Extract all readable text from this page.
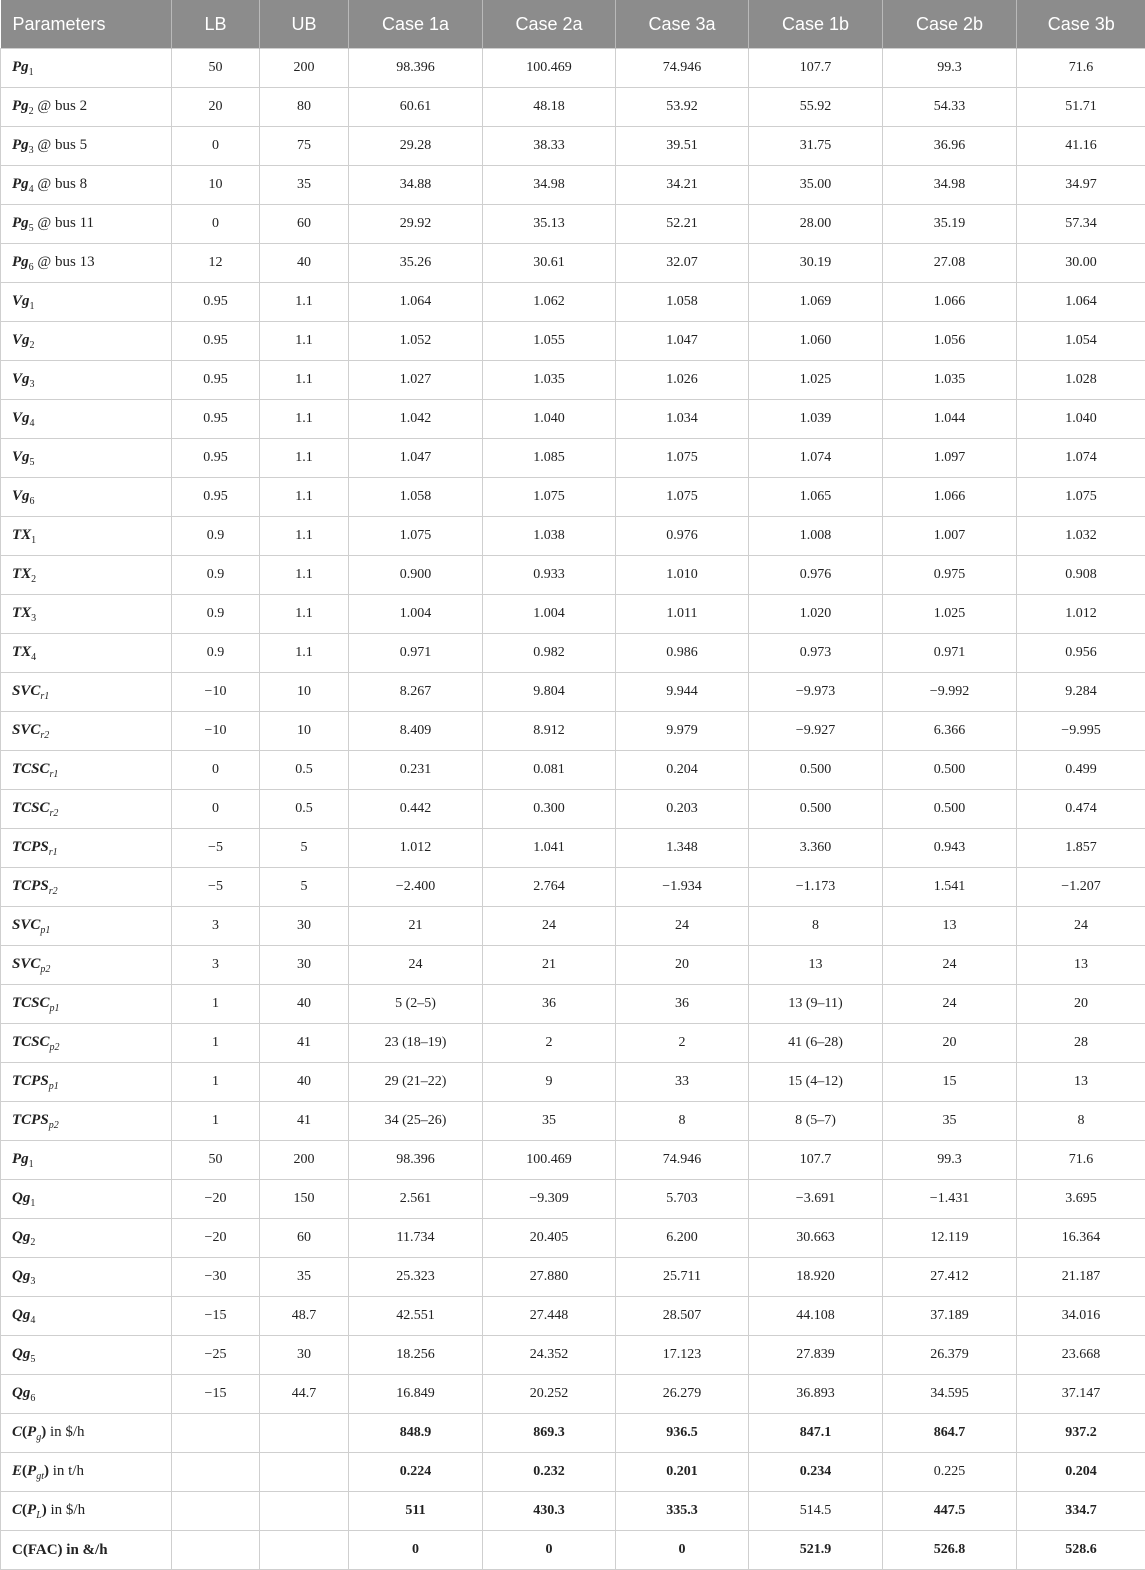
Parameters	LB	UB	Case 1a	Case 2a	Case 3a	Case 1b	Case 2b	Case 3b
$Pg_1$	50	200	98.396	100.469	74.946	107.7	99.3	71.6
$Pg_2$ @ bus 2	20	80	60.61	48.18	53.92	55.92	54.33	51.71
$Pg_3$ @ bus 5	0	75	29.28	38.33	39.51	31.75	36.96	41.16
$Pg_4$ @ bus 8	10	35	34.88	34.98	34.21	35.00	34.98	34.97
$Pg_5$ @ bus 11	0	60	29.92	35.13	52.21	28.00	35.19	57.34
$Pg_6$ @ bus 13	12	40	35.26	30.61	32.07	30.19	27.08	30.00
$Vg_1$	0.95	1.1	1.064	1.062	1.058	1.069	1.066	1.064
$Vg_2$	0.95	1.1	1.052	1.055	1.047	1.060	1.056	1.054
$Vg_3$	0.95	1.1	1.027	1.035	1.026	1.025	1.035	1.028
$Vg_4$	0.95	1.1	1.042	1.040	1.034	1.039	1.044	1.040
$Vg_5$	0.95	1.1	1.047	1.085	1.075	1.074	1.097	1.074
$Vg_6$	0.95	1.1	1.058	1.075	1.075	1.065	1.066	1.075
$TX_1$	0.9	1.1	1.075	1.038	0.976	1.008	1.007	1.032
$TX_2$	0.9	1.1	0.900	0.933	1.010	0.976	0.975	0.908
$TX_3$	0.9	1.1	1.004	1.004	1.011	1.020	1.025	1.012
$TX_4$	0.9	1.1	0.971	0.982	0.986	0.973	0.971	0.956
$SVC_{r1}$	−10	10	8.267	9.804	9.944	−9.973	−9.992	9.284
$SVC_{r2}$	−10	10	8.409	8.912	9.979	−9.927	6.366	−9.995
$TCSC_{r1}$	0	0.5	0.231	0.081	0.204	0.500	0.500	0.499
$TCSC_{r2}$	0	0.5	0.442	0.300	0.203	0.500	0.500	0.474
$TCPS_{r1}$	−5	5	1.012	1.041	1.348	3.360	0.943	1.857
$TCPS_{r2}$	−5	5	−2.400	2.764	−1.934	−1.173	1.541	−1.207
$SVC_{p1}$	3	30	21	24	24	8	13	24
$SVC_{p2}$	3	30	24	21	20	13	24	13
$TCSC_{p1}$	1	40	5 (2–5)	36	36	13 (9–11)	24	20
$TCSC_{p2}$	1	41	23 (18–19)	2	2	41 (6–28)	20	28
$TCPS_{p1}$	1	40	29 (21–22)	9	33	15 (4–12)	15	13
$TCPS_{p2}$	1	41	34 (25–26)	35	8	8 (5–7)	35	8
$Pg_1$	50	200	98.396	100.469	74.946	107.7	99.3	71.6
$Qg_1$	−20	150	2.561	−9.309	5.703	−3.691	−1.431	3.695
$Qg_2$	−20	60	11.734	20.405	6.200	30.663	12.119	16.364
$Qg_3$	−30	35	25.323	27.880	25.711	18.920	27.412	21.187
$Qg_4$	−15	48.7	42.551	27.448	28.507	44.108	37.189	34.016
$Qg_5$	−25	30	18.256	24.352	17.123	27.839	26.379	23.668
$Qg_6$	−15	44.7	16.849	20.252	26.279	36.893	34.595	37.147
$C(P_g)$ in $/h			848.9	869.3	936.5	847.1	864.7	937.2
$E(P_{gt})$ in t/h			0.224	0.232	0.201	0.234	0.225	0.204
$C(P_L)$ in $/h			511	430.3	335.3	514.5	447.5	334.7
C(FAC) in &/h			0	0	0	521.9	526.8	528.6
